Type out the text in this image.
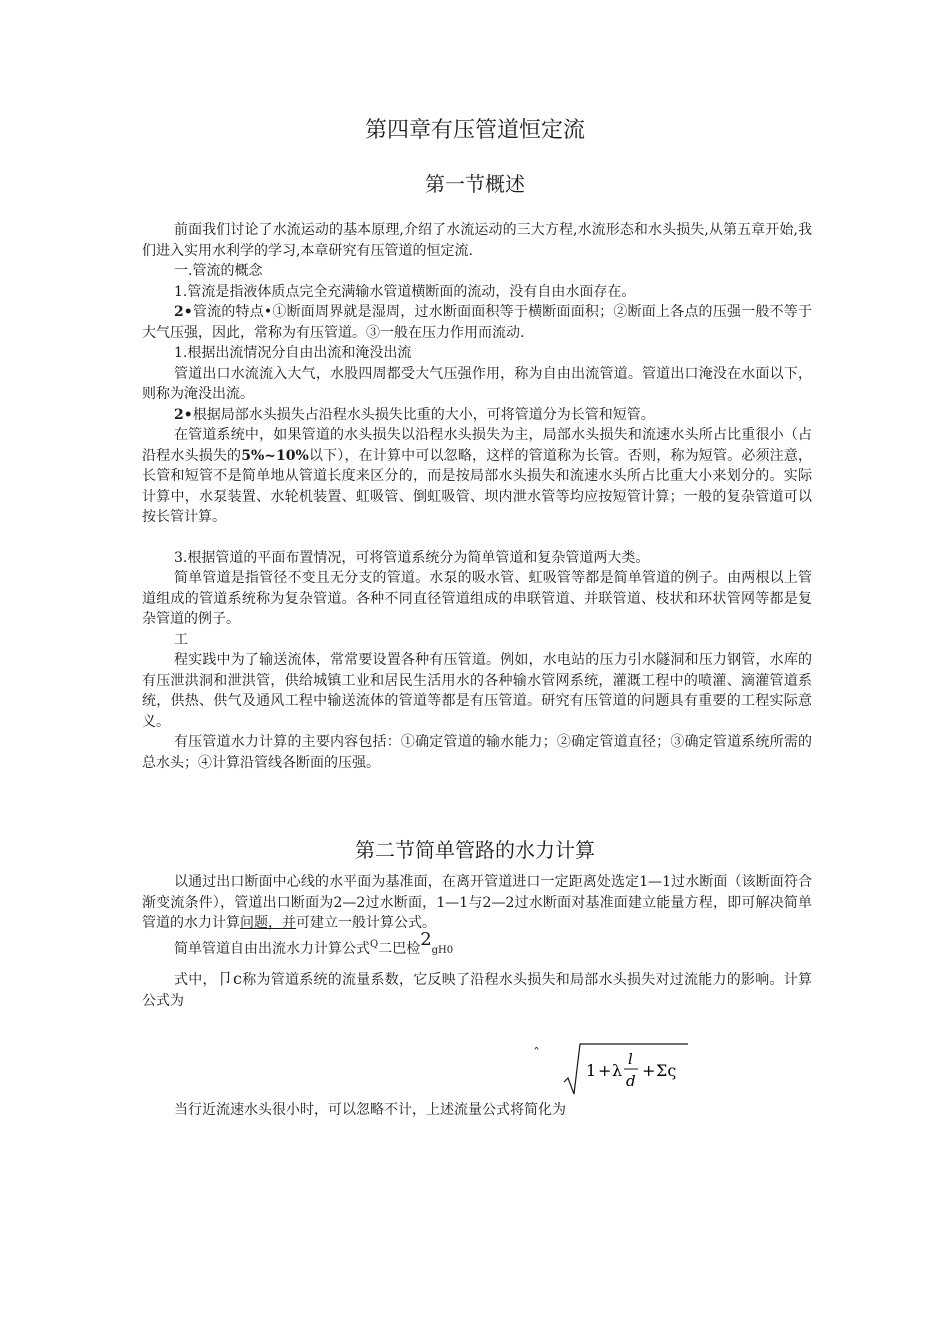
第四章有压管道恒定流
第一节概述

前面我们讨论了水流运动的基本原理,介绍了水流运动的三大方程,水流形态和水头损失,从第五章开始,我们进入实用水利学的学习,本章研究有压管道的恒定流.

一.管流的概念

1.管流是指液体质点完全充满输水管道横断面的流动，没有自由水面存在。

2•管流的特点•①断面周界就是湿周，过水断面面积等于横断面面积；②断面上各点的压强一般不等于大气压强，因此，常称为有压管道。③一般在压力作用而流动.

1.根据出流情况分自由出流和淹没出流

管道出口水流流入大气，水股四周都受大气压强作用，称为自由出流管道。管道出口淹没在水面以下，则称为淹没出流。

2•根据局部水头损失占沿程水头损失比重的大小，可将管道分为长管和短管。

在管道系统中，如果管道的水头损失以沿程水头损失为主，局部水头损失和流速水头所占比重很小（占沿程水头损失的5%~10%以下），在计算中可以忽略，这样的管道称为长管。否则，称为短管。必须注意，长管和短管不是简单地从管道长度来区分的，而是按局部水头损失和流速水头所占比重大小来划分的。实际计算中，水泵装置、水轮机装置、虹吸管、倒虹吸管、坝内泄水管等均应按短管计算；一般的复杂管道可以按长管计算。

3.根据管道的平面布置情况，可将管道系统分为简单管道和复杂管道两大类。

简单管道是指管径不变且无分支的管道。水泵的吸水管、虹吸管等都是简单管道的例子。由两根以上管道组成的管道系统称为复杂管道。各种不同直径管道组成的串联管道、并联管道、枝状和环状管网等都是复杂管道的例子。

工

程实践中为了输送流体，常常要设置各种有压管道。例如，水电站的压力引水隧洞和压力钢管，水库的有压泄洪洞和泄洪管，供给城镇工业和居民生活用水的各种输水管网系统，灌溉工程中的喷灌、滴灌管道系统，供热、供气及通风工程中输送流体的管道等都是有压管道。研究有压管道的问题具有重要的工程实际意义。

有压管道水力计算的主要内容包括：①确定管道的输水能力；②确定管道直径；③确定管道系统所需的总水头；④计算沿管线各断面的压强。

第二节简单管路的水力计算

以通过出口断面中心线的水平面为基准面，在离开管道进口一定距离处选定1—1过水断面（该断面符合渐变流条件），管道出口断面为2—2过水断面，1—1与2—2过水断面对基准面建立能量方程，即可解决简单管道的水力计算问题，并可建立一般计算公式。

简单管道自由出流水力计算公式$^Q$二巴检2gH0

式中，卩c称为管道系统的流量系数，它反映了沿程水头损失和局部水头损失对过流能力的影响。计算公式为

ˆ
1 + λ
l
d
+ Σς

当行近流速水头很小时，可以忽略不计，上述流量公式将简化为
